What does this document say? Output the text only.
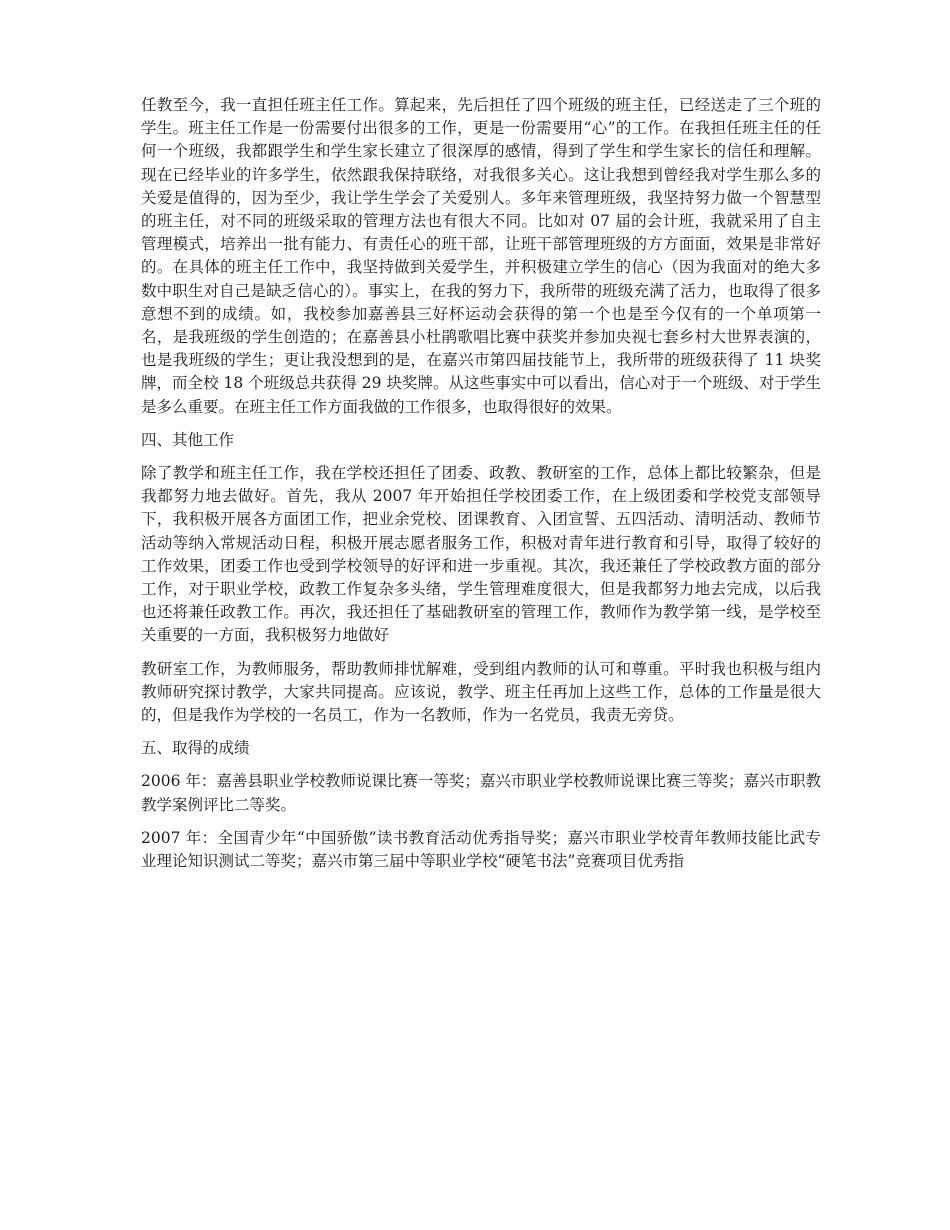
任教至今，我一直担任班主任工作。算起来，先后担任了四个班级的班主任，已经送走了三个班的学生。班主任工作是一份需要付出很多的工作，更是一份需要用“心”的工作。在我担任班主任的任何一个班级，我都跟学生和学生家长建立了很深厚的感情，得到了学生和学生家长的信任和理解。现在已经毕业的许多学生，依然跟我保持联络，对我很多关心。这让我想到曾经我对学生那么多的关爱是值得的，因为至少，我让学生学会了关爱别人。多年来管理班级，我坚持努力做一个智慧型的班主任，对不同的班级采取的管理方法也有很大不同。比如对 07 届的会计班，我就采用了自主管理模式，培养出一批有能力、有责任心的班干部，让班干部管理班级的方方面面，效果是非常好的。在具体的班主任工作中，我坚持做到关爱学生，并积极建立学生的信心（因为我面对的绝大多数中职生对自己是缺乏信心的）。事实上，在我的努力下，我所带的班级充满了活力，也取得了很多意想不到的成绩。如，我校参加嘉善县三好杯运动会获得的第一个也是至今仅有的一个单项第一名，是我班级的学生创造的；在嘉善县小杜鹃歌唱比赛中获奖并参加央视七套乡村大世界表演的，也是我班级的学生；更让我没想到的是，在嘉兴市第四届技能节上，我所带的班级获得了 11 块奖牌，而全校 18 个班级总共获得 29 块奖牌。从这些事实中可以看出，信心对于一个班级、对于学生是多么重要。在班主任工作方面我做的工作很多，也取得很好的效果。

四、其他工作

除了教学和班主任工作，我在学校还担任了团委、政教、教研室的工作，总体上都比较繁杂，但是我都努力地去做好。首先，我从 2007 年开始担任学校团委工作，在上级团委和学校党支部领导下，我积极开展各方面团工作，把业余党校、团课教育、入团宣誓、五四活动、清明活动、教师节活动等纳入常规活动日程，积极开展志愿者服务工作，积极对青年进行教育和引导，取得了较好的工作效果，团委工作也受到学校领导的好评和进一步重视。其次，我还兼任了学校政教方面的部分工作，对于职业学校，政教工作复杂多头绪，学生管理难度很大，但是我都努力地去完成，以后我也还将兼任政教工作。再次，我还担任了基础教研室的管理工作，教师作为教学第一线，是学校至关重要的一方面，我积极努力地做好

教研室工作，为教师服务，帮助教师排忧解难，受到组内教师的认可和尊重。平时我也积极与组内教师研究探讨教学，大家共同提高。应该说，教学、班主任再加上这些工作，总体的工作量是很大的，但是我作为学校的一名员工，作为一名教师，作为一名党员，我责无旁贷。

五、取得的成绩

2006 年：嘉善县职业学校教师说课比赛一等奖；嘉兴市职业学校教师说课比赛三等奖；嘉兴市职教教学案例评比二等奖。

2007 年：全国青少年“中国骄傲”读书教育活动优秀指导奖；嘉兴市职业学校青年教师技能比武专业理论知识测试二等奖；嘉兴市第三届中等职业学校“硬笔书法”竞赛项目优秀指
